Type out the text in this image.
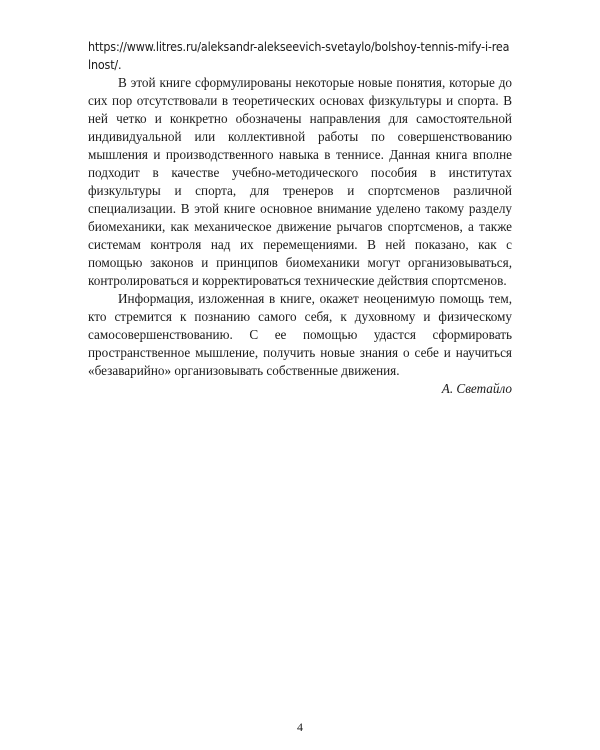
https://www.litres.ru/aleksandr-alekseevich-svetaylo/bolshoy-tennis-mify-i-realnost/.

В этой книге сформулированы некоторые новые понятия, которые до сих пор отсутствовали в теоретических основах физкультуры и спорта. В ней четко и конкретно обозначены направления для самостоятельной индивидуальной или коллективной работы по совершенствованию мышления и производственного навыка в теннисе. Данная книга вполне подходит в качестве учебно-методического пособия в институтах физкультуры и спорта, для тренеров и спортсменов различной специализации. В этой книге основное внимание уделено такому разделу биомеханики, как механическое движение рычагов спортсменов, а также системам контроля над их перемещениями. В ней показано, как с помощью законов и принципов биомеханики могут организовываться, контролироваться и корректироваться технические действия спортсменов.

Информация, изложенная в книге, окажет неоценимую помощь тем, кто стремится к познанию самого себя, к духовному и физическому самосовершенствованию. С ее помощью удастся сформировать пространственное мышление, получить новые знания о себе и научиться «безаварийно» организовывать собственные движения.

А. Светайло

4
